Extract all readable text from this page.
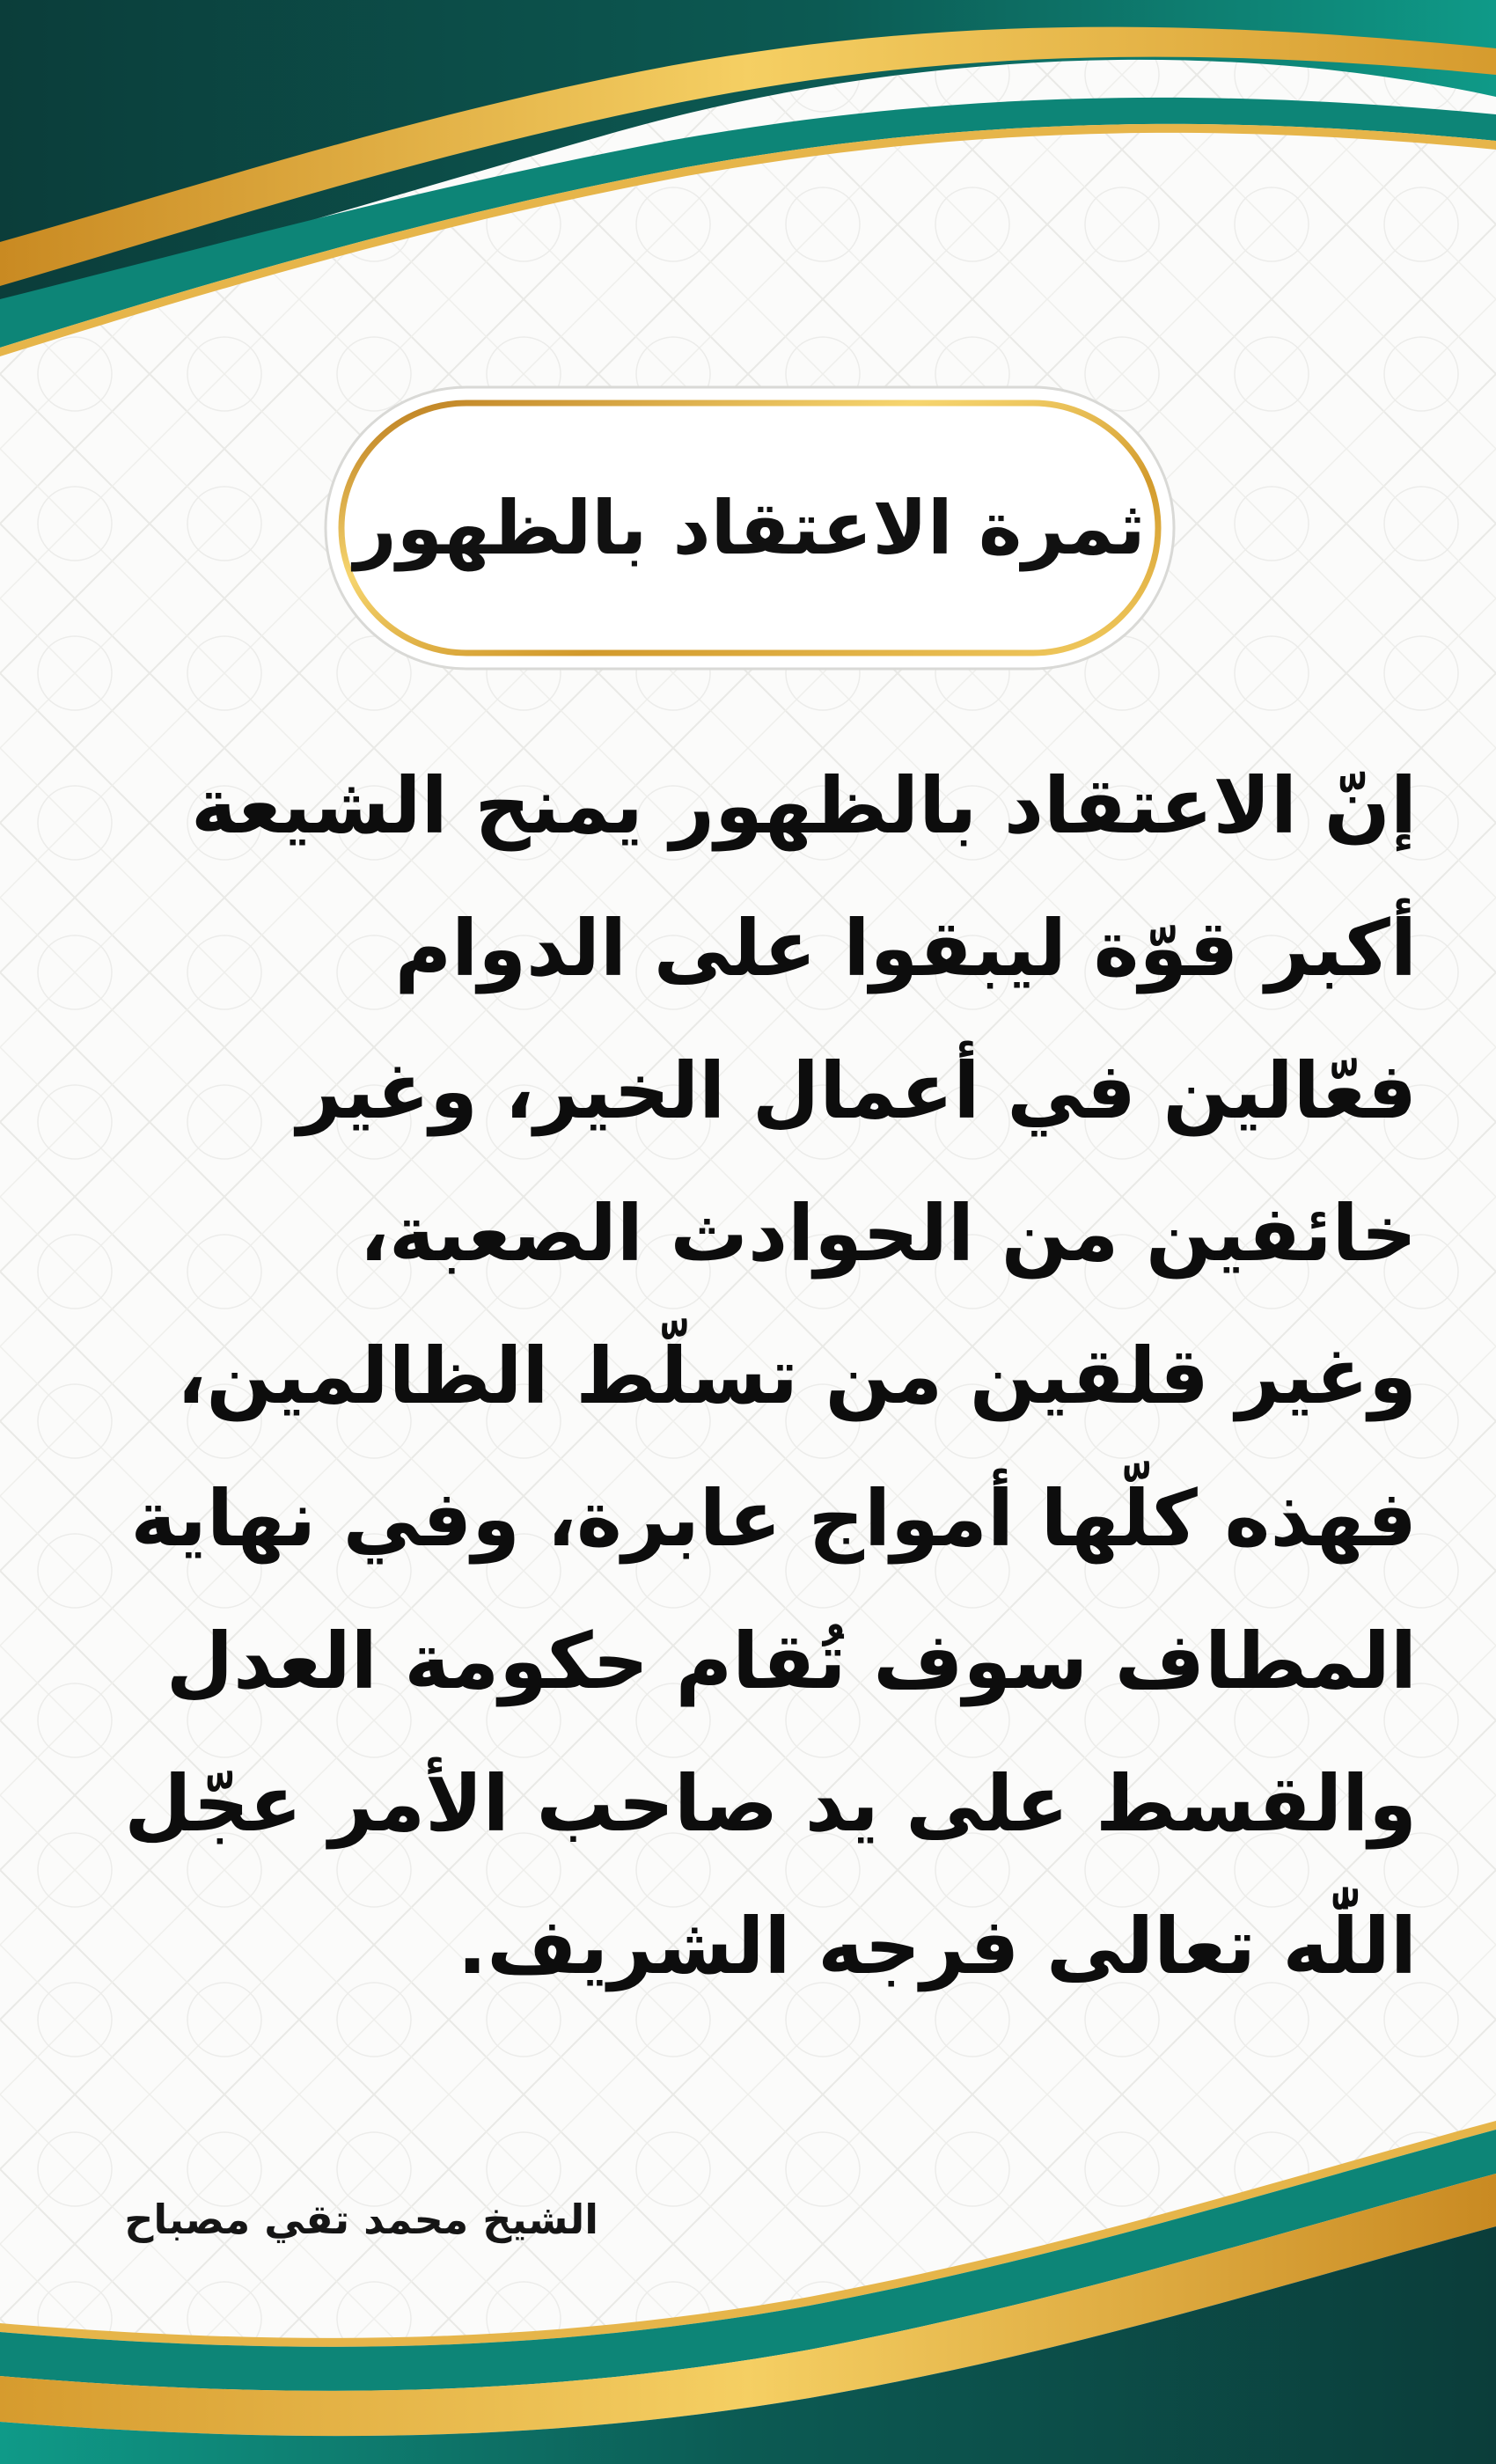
ثمرة الاعتقاد بالظهور
إنّ الاعتقاد بالظهور يمنح الشيعة
أكبر قوّة ليبقوا على الدوام
فعّالين في أعمال الخير، وغير
خائفين من الحوادث الصعبة،
وغير قلقين من تسلّط الظالمين،
فهذه كلّها أمواج عابرة، وفي نهاية
المطاف سوف تُقام حكومة العدل
والقسط على يد صاحب الأمر عجّل
اللّٰه تعالى فرجه الشريف.
الشيخ محمد تقي مصباح
